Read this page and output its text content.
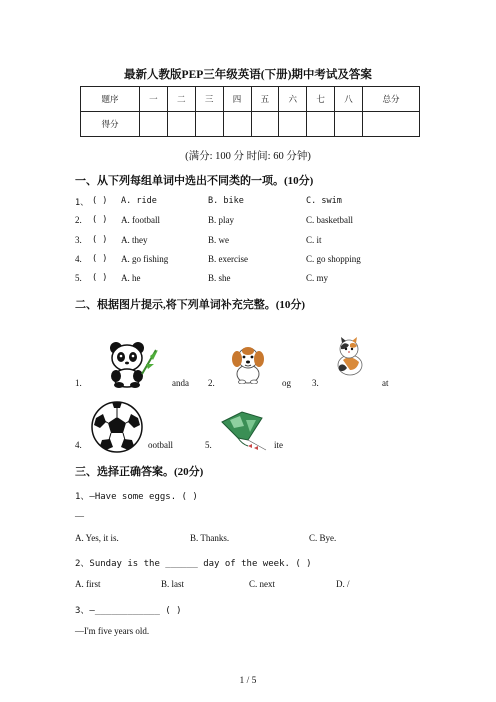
最新人教版PEP三年级英语(下册)期中考试及答案
题序	一	二	三	四	五	六	七	八	总分
得分									
(满分: 100 分 时间: 60 分钟)
一、从下列每组单词中选出不同类的一项。(10分)
1、 ( ) A. ride	B. bike	C. swim
2. ( ) A. football	B. play	C. basketball
3. ( ) A. they	B. we	C. it
4. ( ) A. go fishing	B. exercise	C. go shopping
5. ( ) A. he	B. she	C. my
二、根据图片提示,将下列单词补充完整。(10分)
1.	anda 2.	og 3.	at
4.	ootball	5.	ite
三、选择正确答案。(20分)
1、—Have some eggs. ( )
—
A. Yes, it is.	B. Thanks.	C. Bye.
2、Sunday is the ______ day of the week. ( )
A. first	B. last	C. next	D. /
3、—____________ ( )
—I'm five years old.
1 / 5
